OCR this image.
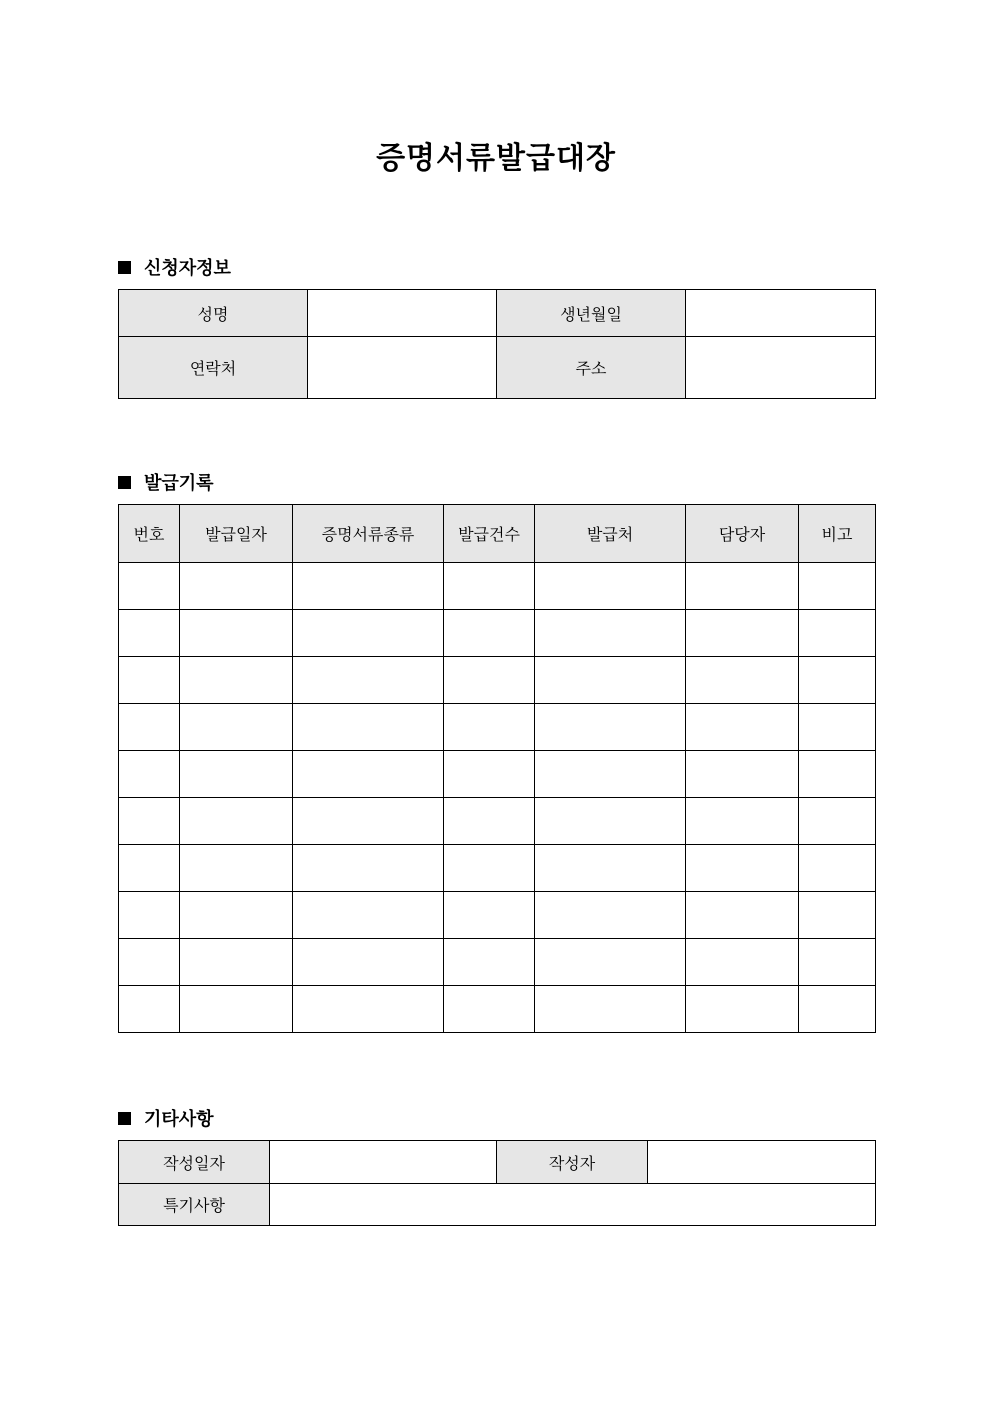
증명서류발급대장
신청자정보
성명		생년월일	
연락처		주소	
발급기록
번호	발급일자	증명서류종류	발급건수	발급처	담당자	비고

기타사항
작성일자		작성자	
특기사항			
